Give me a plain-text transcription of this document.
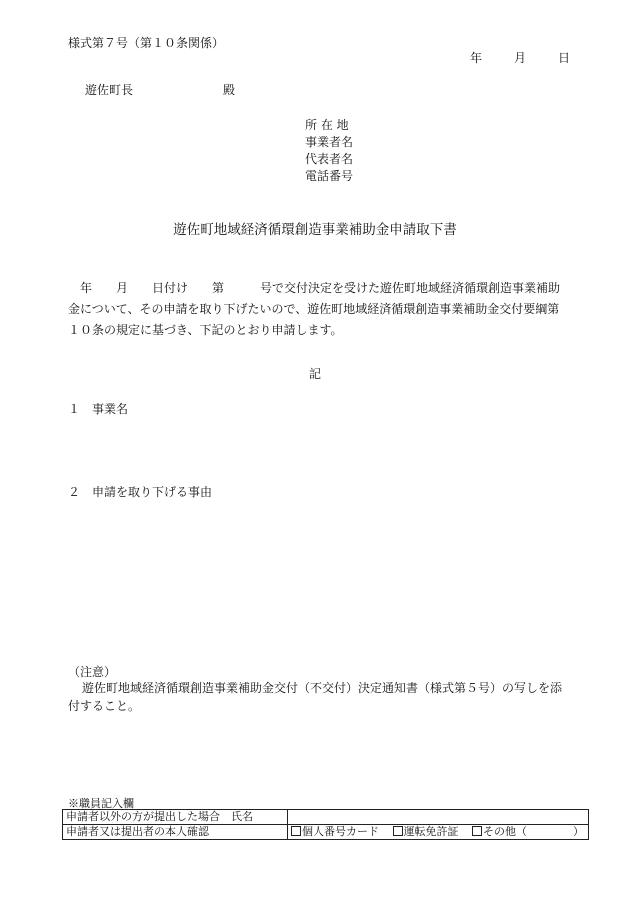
様式第７号（第１０条関係）
年	月	日
遊佐町長	殿
所 在 地
事業者名
代表者名
電話番号
遊佐町地域経済循環創造事業補助金申請取下書
年　　月　　日付け　　第　　　号で交付決定を受けた遊佐町地域経済循環創造事業補助金について、その申請を取り下げたいので、遊佐町地域経済循環創造事業補助金交付要綱第１０条の規定に基づき、下記のとおり申請します。
記
１　事業名
２　申請を取り下げる事由
（注意）
遊佐町地域経済循環創造事業補助金交付（不交付）決定通知書（様式第５号）の写しを添付すること。
※職員記入欄
申請者以外の方が提出した場合　氏名	
申請者又は提出者の本人確認	個人番号カード 運転免許証 その他（ ）
